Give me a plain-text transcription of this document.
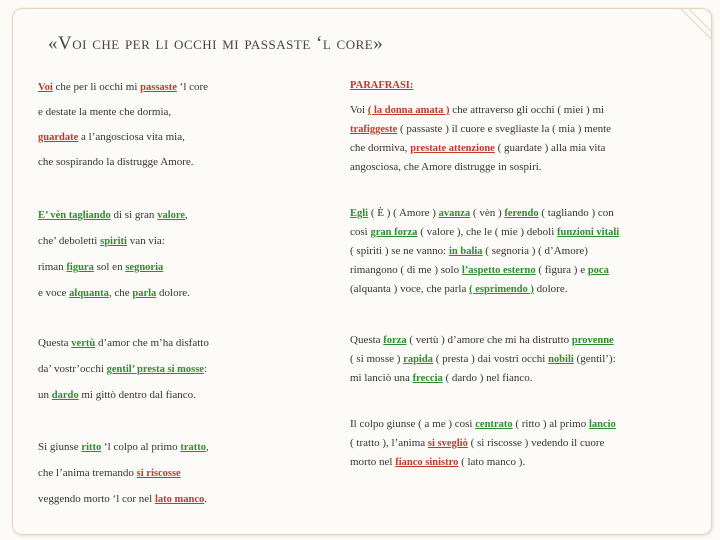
«Voi che per li occhi mi passaste ‘l core»
Voi che per li occhi mi passaste ‘l core
e destate la mente che dormia,
guardate a l’angosciosa vita mia,
che sospirando la distrugge Amore.
E’ vèn tagliando di sì gran valore,
che’ deboletti spiriti van via:
riman figura sol en segnoria
e voce alquanta, che parla dolore.
Questa vertù d’amor che m’ha disfatto
da’ vostr’occhi gentil’ presta si mosse:
un dardo mi gittò dentro dal fianco.
Si giunse ritto ‘l colpo al primo tratto,
che l’anima tremando si riscosse
veggendo morto ‘l cor nel lato manco.
PARAFRASI:
Voi ( la donna amata ) che attraverso gli occhi ( miei ) mi
trafiggeste ( passaste ) il cuore e svegliaste la ( mia ) mente
che dormiva, prestate attenzione ( guardate ) alla mia vita
angosciosa, che Amore distrugge in sospiri.
Egli ( È ) ( Amore ) avanza ( vèn ) ferendo ( tagliando ) con
così gran forza ( valore ), che le ( mie ) deboli funzioni vitali
( spiriti ) se ne vanno: in balia ( segnoria ) ( d’Amore)
rimangono ( di me ) solo l’aspetto esterno ( figura ) e poca
(alquanta ) voce, che parla ( esprimendo ) dolore.
Questa forza ( vertù ) d’amore che mi ha distrutto provenne
( si mosse ) rapida ( presta ) dai vostri occhi nobili (gentil’):
mi lanciò una freccia ( dardo ) nel fianco.
Il colpo giunse ( a me ) così centrato ( ritto ) al primo lancio
( tratto ), l’anima si svegliò ( si riscosse ) vedendo il cuore
morto nel fianco sinistro ( lato manco ).
